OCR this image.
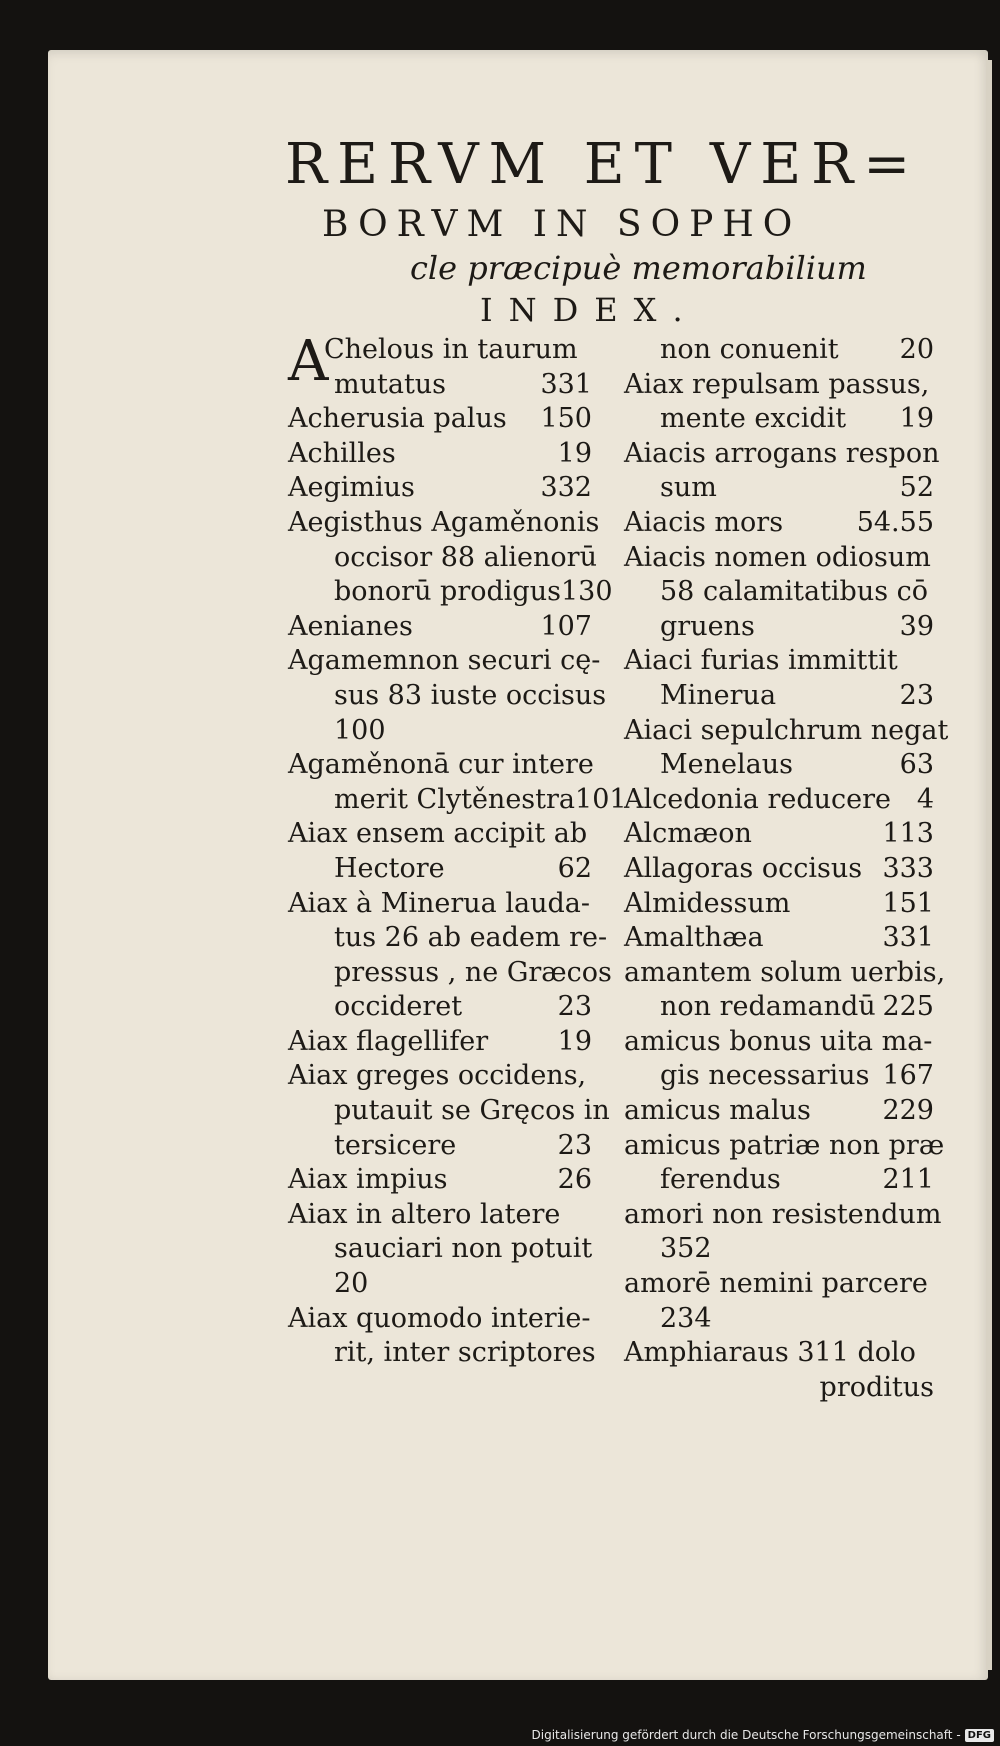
RERVM ET VER=
BORVM IN SOPHO
cle præcipuè memorabilium
INDEX.
A
Chelous in taurum
mutatus	331
Acherusia palus	150
Achilles	19
Aegimius	332
Aegisthus Agaměnonis
occisor 88 alienorū
bonorū prodigus 130
Aenianes	107
Agamemnon securi cę-
sus 83 iuste occisus
100
Agaměnonā cur intere
merit Clytěnestra 101
Aiax ensem accipit ab
Hectore	62
Aiax à Minerua lauda-
tus 26 ab eadem re-
pressus , ne Græcos
occideret	23
Aiax flagellifer	19
Aiax greges occidens,
putauit se Gręcos in
tersicere	23
Aiax impius	26
Aiax in altero latere
sauciari non potuit
20
Aiax quomodo interie-
rit, inter scriptores
non conuenit	20
Aiax repulsam passus,
mente excidit	19
Aiacis arrogans respon
sum	52
Aiacis mors	54.55
Aiacis nomen odiosum
58 calamitatibus cō
gruens	39
Aiaci furias immittit
Minerua	23
Aiaci sepulchrum negat
Menelaus	63
Alcedonia reducere 4
Alcmæon	113
Allagoras occisus 333
Almidessum	151
Amalthæa	331
amantem solum uerbis,
non redamandū 225
amicus bonus uita ma-
gis necessarius 167
amicus malus	229
amicus patriæ non præ
ferendus	211
amori non resistendum
352
amorē nemini parcere
234
Amphiaraus 311 dolo
proditus
Digitalisierung gefördert durch die Deutsche Forschungsgemeinschaft - DFG
